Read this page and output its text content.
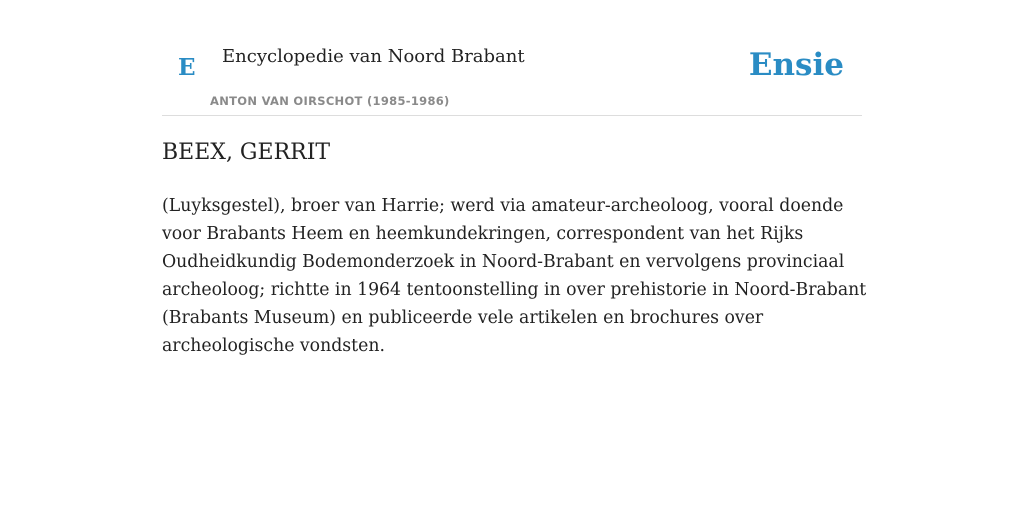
E Encyclopedie van Noord Brabant
ANTON VAN OIRSCHOT (1985-1986)
Ensie
BEEX, GERRIT

(Luyksgestel), broer van Harrie; werd via amateur-archeoloog, vooral doende voor Brabants Heem en heemkundekringen, correspondent van het Rijks Oudheidkundig Bodemonderzoek in Noord-Brabant en vervolgens provinciaal archeoloog; richtte in 1964 tentoonstelling in over prehistorie in Noord-Brabant (Brabants Museum) en publiceerde vele artikelen en brochures over archeologische vondsten.
